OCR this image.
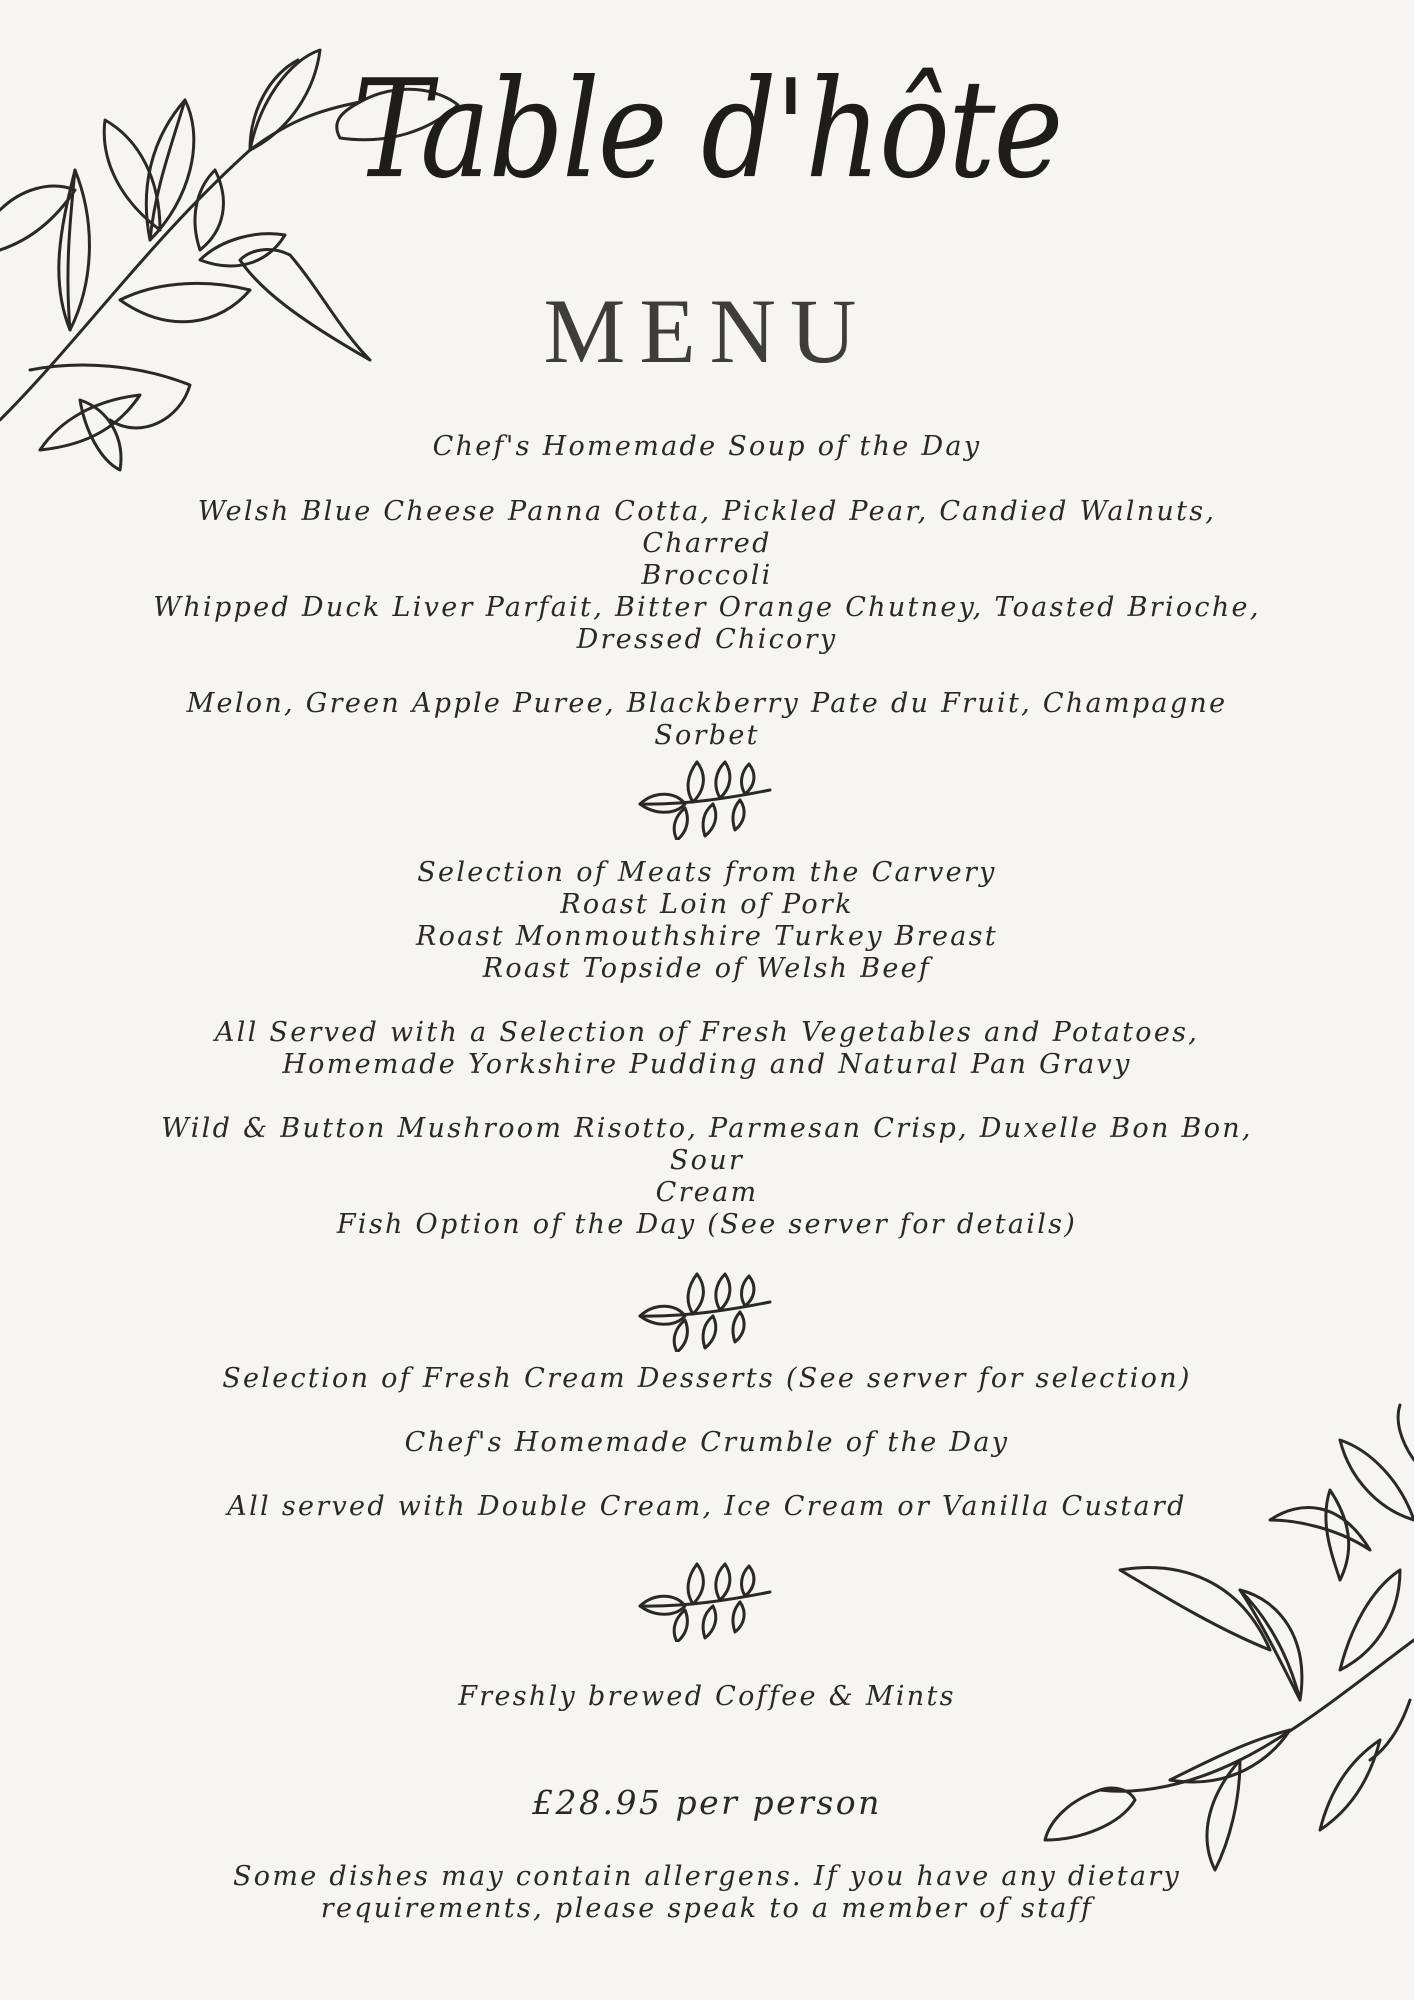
Table d'hôte
MENU
Chef's Homemade Soup of the Day
Welsh Blue Cheese Panna Cotta, Pickled Pear, Candied Walnuts, Charred
Broccoli
Whipped Duck Liver Parfait, Bitter Orange Chutney, Toasted Brioche,
Dressed Chicory
Melon, Green Apple Puree, Blackberry Pate du Fruit, Champagne Sorbet
Selection of Meats from the Carvery
Roast Loin of Pork
Roast Monmouthshire Turkey Breast
Roast Topside of Welsh Beef
All Served with a Selection of Fresh Vegetables and Potatoes,
Homemade Yorkshire Pudding and Natural Pan Gravy
Wild & Button Mushroom Risotto, Parmesan Crisp, Duxelle Bon Bon, Sour
Cream
Fish Option of the Day (See server for details)
Selection of Fresh Cream Desserts (See server for selection)
Chef's Homemade Crumble of the Day
All served with Double Cream, Ice Cream or Vanilla Custard
Freshly brewed Coffee & Mints
£28.95 per person
Some dishes may contain allergens. If you have any dietary
requirements, please speak to a member of staff
